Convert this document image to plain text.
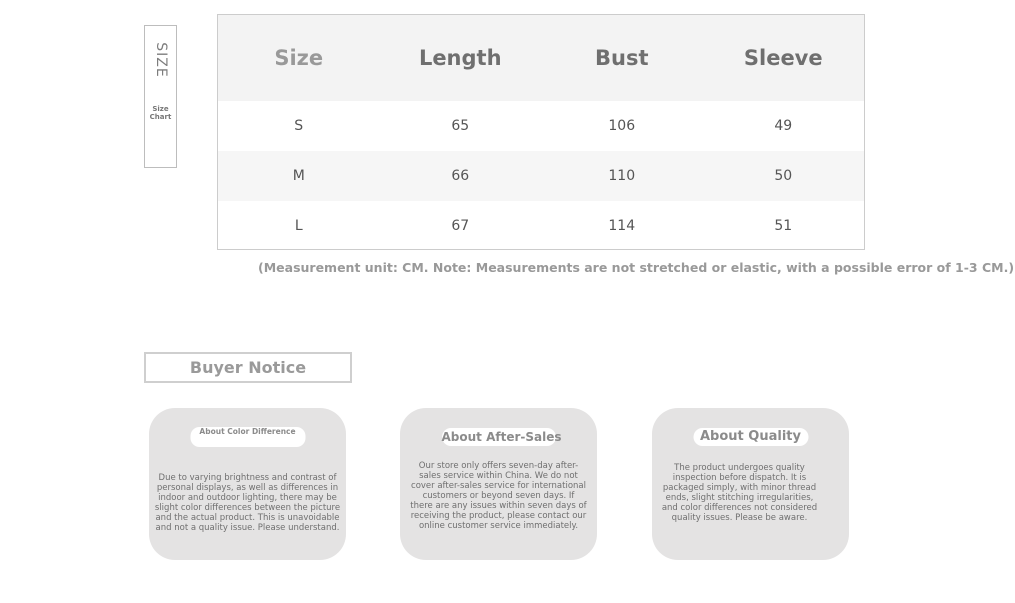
SIZE
Size Chart
Size	Length	Bust	Sleeve
S	65	106	49
M	66	110	50
L	67	114	51
(Measurement unit: CM. Note: Measurements are not stretched or elastic, with a possible error of 1-3 CM.)
Buyer Notice
About Color Difference
Due to varying brightness and contrast of personal displays, as well as differences in indoor and outdoor lighting, there may be slight color differences between the picture and the actual product. This is unavoidable and not a quality issue. Please understand.
About After-Sales
Our store only offers seven-day after-sales service within China. We do not cover after-sales service for international customers or beyond seven days. If there are any issues within seven days of receiving the product, please contact our online customer service immediately.
About Quality
The product undergoes quality inspection before dispatch. It is packaged simply, with minor thread ends, slight stitching irregularities, and color differences not considered quality issues. Please be aware.
